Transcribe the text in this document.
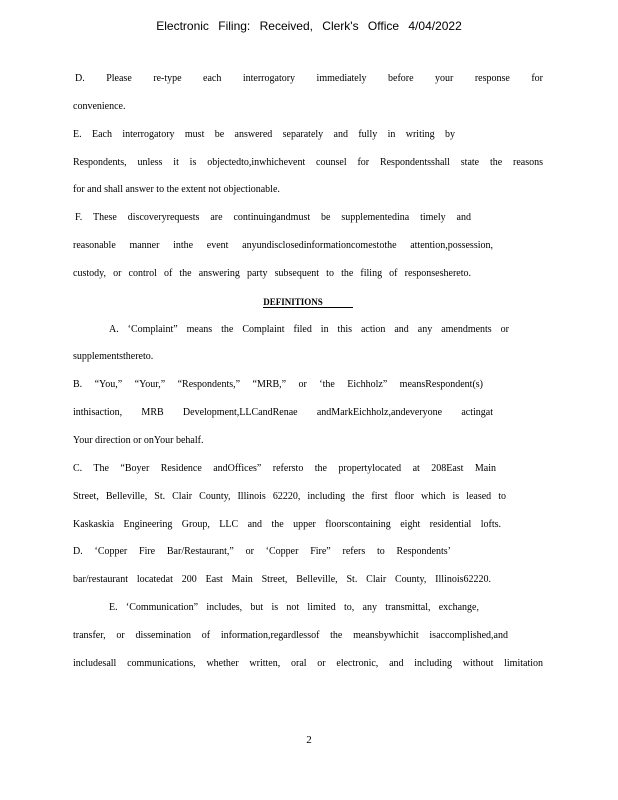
Electronic Filing: Received, Clerk's Office 4/04/2022
D. Please re-type each interrogatory immediately before your response for
convenience.
E. Each interrogatory must be answered separately and fully in writing by
Respondents, unless it is objectedto,inwhichevent counsel for Respondentsshall state the reasons
for and shall answer to the extent not objectionable.
F. These discoveryrequests are continuingandmust be supplementedina timely and
reasonable manner inthe event anyundisclosedinformationcomestothe attention,possession,
custody, or control of the answering party subsequent to the filing of responseshereto.
DEFINITIONS
A. ‘Complaint” means the Complaint filed in this action and any amendments or
supplementsthereto.
B. “You,” “Your,” “Respondents,” “MRB,” or ‘the Eichholz” meansRespondent(s)
inthisaction, MRB Development,LLCandRenae andMarkEichholz,andeveryone actingat
Your direction or onYour behalf.
C. The “Boyer Residence andOffices” refersto the propertylocated at 208East Main
Street, Belleville, St. Clair County, Illinois 62220, including the first floor which is leased to
Kaskaskia Engineering Group, LLC and the upper floorscontaining eight residential lofts.
D. ‘Copper Fire Bar/Restaurant,” or ‘Copper Fire” refers to Respondents’
bar/restaurant locatedat 200 East Main Street, Belleville, St. Clair County, Illinois62220.
E. ‘Communication” includes, but is not limited to, any transmittal, exchange,
transfer, or dissemination of information,regardlessof the meansbywhichit isaccomplished,and
includesall communications, whether written, oral or electronic, and including without limitation
2
